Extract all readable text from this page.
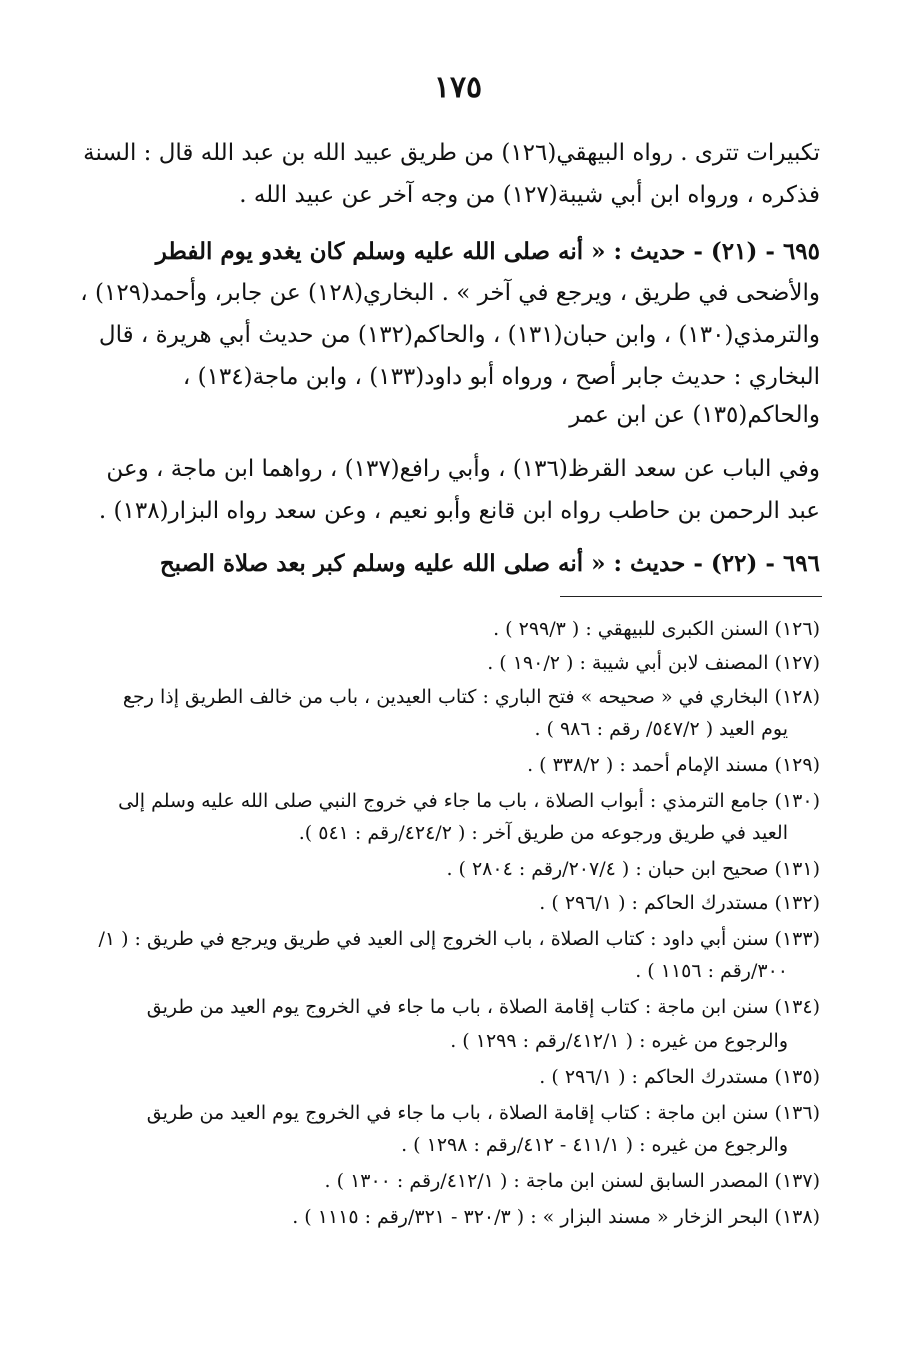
١٧٥
تكبيرات تترى . رواه البيهقي(١٢٦) من طريق عبيد الله بن عبد الله قال : السنة
فذكره ، ورواه ابن أبي شيبة(١٢٧) من وجه آخر عن عبيد الله .
٦٩٥ - (٢١) - حديث : « أنه صلى الله عليه وسلم كان يغدو يوم الفطر
والأضحى في طريق ، ويرجع في آخر » . البخاري(١٢٨) عن جابر، وأحمد(١٢٩) ،
والترمذي(١٣٠) ، وابن حبان(١٣١) ، والحاكم(١٣٢) من حديث أبي هريرة ، قال
البخاري : حديث جابر أصح ، ورواه أبو داود(١٣٣) ، وابن ماجة(١٣٤) ،
والحاكم(١٣٥) عن ابن عمر
وفي الباب عن سعد القرظ(١٣٦) ، وأبي رافع(١٣٧) ، رواهما ابن ماجة ، وعن
عبد الرحمن بن حاطب رواه ابن قانع وأبو نعيم ، وعن سعد رواه البزار(١٣٨) .
٦٩٦ - (٢٢) - حديث : « أنه صلى الله عليه وسلم كبر بعد صلاة الصبح
(١٢٦) السنن الكبرى للبيهقي : ( ٢٩٩/٣ ) .
(١٢٧) المصنف لابن أبي شيبة : ( ١٩٠/٢ ) .
(١٢٨) البخاري في « صحيحه » فتح الباري : كتاب العيدين ، باب من خالف الطريق إذا رجع
يوم العيد ( ٥٤٧/٢/ رقم : ٩٨٦ ) .
(١٢٩) مسند الإمام أحمد : ( ٣٣٨/٢ ) .
(١٣٠) جامع الترمذي : أبواب الصلاة ، باب ما جاء في خروج النبي صلى الله عليه وسلم إلى
العيد في طريق ورجوعه من طريق آخر : ( ٤٢٤/٢/رقم : ٥٤١ ).
(١٣١) صحيح ابن حبان : ( ٢٠٧/٤/رقم : ٢٨٠٤ ) .
(١٣٢) مستدرك الحاكم : ( ٢٩٦/١ ) .
(١٣٣) سنن أبي داود : كتاب الصلاة ، باب الخروج إلى العيد في طريق ويرجع في طريق : ( ١/
٣٠٠/رقم : ١١٥٦ ) .
(١٣٤) سنن ابن ماجة : كتاب إقامة الصلاة ، باب ما جاء في الخروج يوم العيد من طريق
والرجوع من غيره : ( ٤١٢/١/رقم : ١٢٩٩ ) .
(١٣٥) مستدرك الحاكم : ( ٢٩٦/١ ) .
(١٣٦) سنن ابن ماجة : كتاب إقامة الصلاة ، باب ما جاء في الخروج يوم العيد من طريق
والرجوع من غيره : ( ٤١١/١ - ٤١٢/رقم : ١٢٩٨ ) .
(١٣٧) المصدر السابق لسنن ابن ماجة : ( ٤١٢/١/رقم : ١٣٠٠ ) .
(١٣٨) البحر الزخار « مسند البزار » : ( ٣٢٠/٣ - ٣٢١/رقم : ١١١٥ ) .
